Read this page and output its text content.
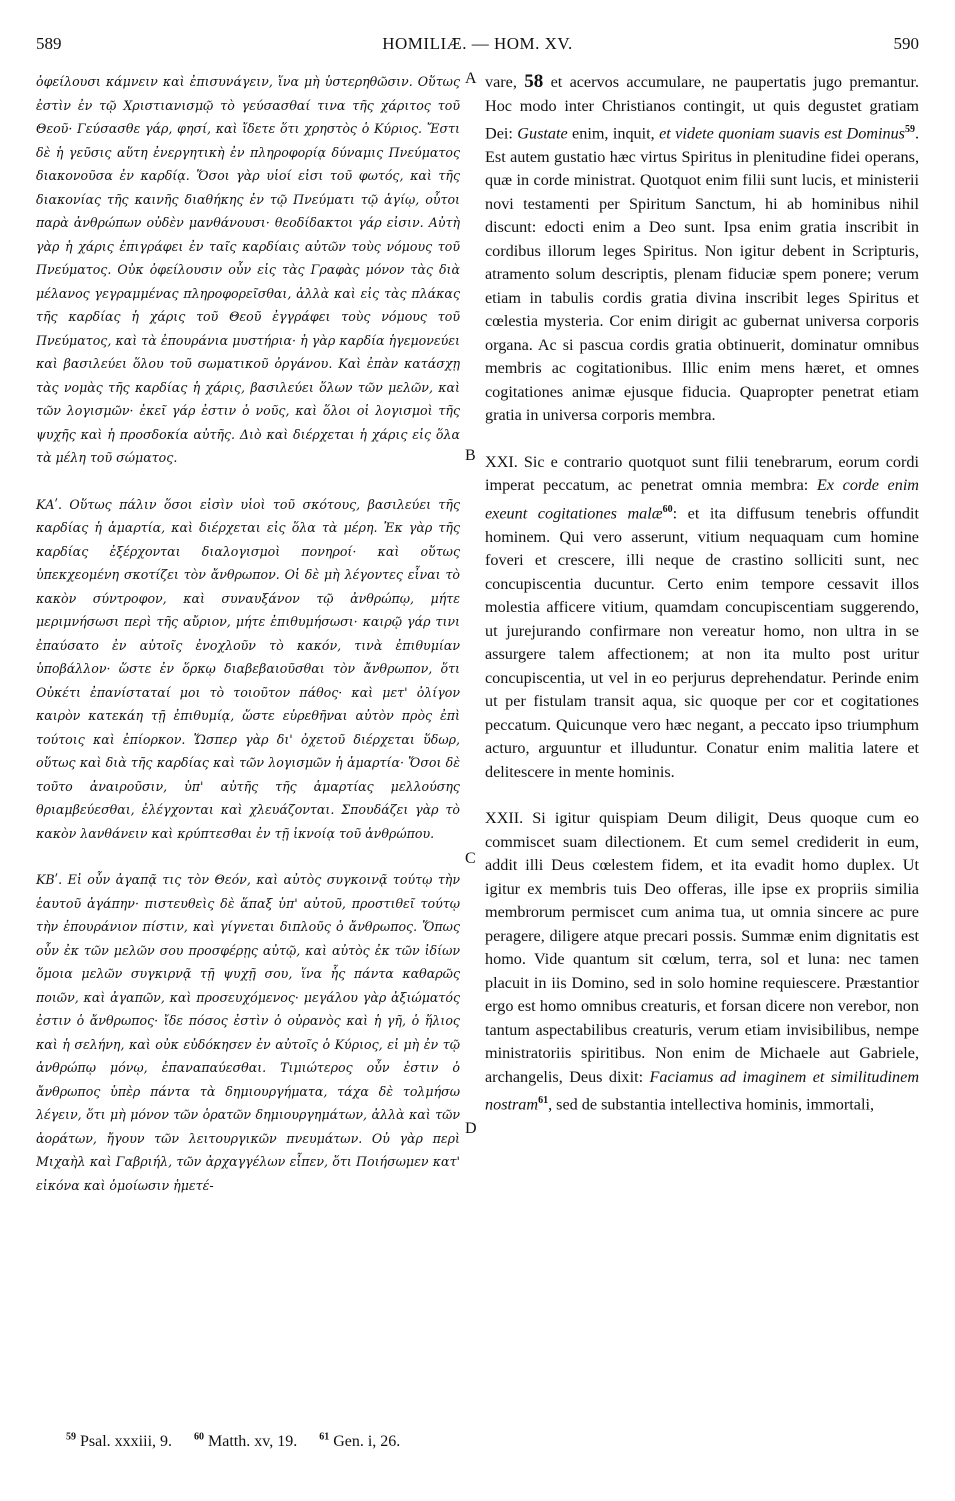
589	HOMILIÆ. — HOM. XV.	590

ὀφείλουσι κάμνειν καὶ ἐπισυνάγειν, ἵνα μὴ ὑστερηθῶσιν. Οὕτως ἐστὶν ἐν τῷ Χριστιανισμῷ τὸ γεύσασθαί τινα τῆς χάριτος τοῦ Θεοῦ· Γεύσασθε γάρ, φησί, καὶ ἴδετε ὅτι χρηστὸς ὁ Κύριος. Ἔστι δὲ ἡ γεῦσις αὕτη ἐνεργητικὴ ἐν πληροφορίᾳ δύναμις Πνεύματος διακονοῦσα ἐν καρδίᾳ. Ὅσοι γὰρ υἱοί εἰσι τοῦ φωτός, καὶ τῆς διακονίας τῆς καινῆς διαθήκης ἐν τῷ Πνεύματι τῷ ἁγίῳ, οὗτοι παρὰ ἀνθρώπων οὐδὲν μανθάνουσι· θεοδίδακτοι γάρ εἰσιν. Αὐτὴ γὰρ ἡ χάρις ἐπιγράφει ἐν ταῖς καρδίαις αὐτῶν τοὺς νόμους τοῦ Πνεύματος. Οὐκ ὀφείλουσιν οὖν εἰς τὰς Γραφὰς μόνον τὰς διὰ μέλανος γεγραμμένας πληροφορεῖσθαι, ἀλλὰ καὶ εἰς τὰς πλάκας τῆς καρδίας ἡ χάρις τοῦ Θεοῦ ἐγγράφει τοὺς νόμους τοῦ Πνεύματος, καὶ τὰ ἐπουράνια μυστήρια· ἡ γὰρ καρδία ἡγεμονεύει καὶ βασιλεύει ὅλου τοῦ σωματικοῦ ὀργάνου. Καὶ ἐπὰν κατάσχῃ τὰς νομὰς τῆς καρδίας ἡ χάρις, βασιλεύει ὅλων τῶν μελῶν, καὶ τῶν λογισμῶν· ἐκεῖ γάρ ἐστιν ὁ νοῦς, καὶ ὅλοι οἱ λογισμοὶ τῆς ψυχῆς καὶ ἡ προσδοκία αὐτῆς. Διὸ καὶ διέρχεται ἡ χάρις εἰς ὅλα τὰ μέλη τοῦ σώματος.

ΚΑʹ. Οὕτως πάλιν ὅσοι εἰσὶν υἱοὶ τοῦ σκότους, βασιλεύει τῆς καρδίας ἡ ἁμαρτία, καὶ διέρχεται εἰς ὅλα τὰ μέρη. Ἐκ γὰρ τῆς καρδίας ἐξέρχονται διαλογισμοὶ πονηροί· καὶ οὕτως ὑπεκχεομένη σκοτίζει τὸν ἄνθρωπον. Οἱ δὲ μὴ λέγοντες εἶναι τὸ κακὸν σύντροφον, καὶ συναυξάνον τῷ ἀνθρώπῳ, μήτε μεριμνήσωσι περὶ τῆς αὔριον, μήτε ἐπιθυμήσωσι· καιρῷ γάρ τινι ἐπαύσατο ἐν αὐτοῖς ἐνοχλοῦν τὸ κακόν, τινὰ ἐπιθυμίαν ὑποβάλλον· ὥστε ἐν ὅρκῳ διαβεβαιοῦσθαι τὸν ἄνθρωπον, ὅτι Οὐκέτι ἐπανίσταταί μοι τὸ τοιοῦτον πάθος· καὶ μετ' ὀλίγον καιρὸν κατεκάη τῇ ἐπιθυμίᾳ, ὥστε εὑρεθῆναι αὐτὸν πρὸς ἐπὶ τούτοις καὶ ἐπίορκον. Ὥσπερ γὰρ δι' ὀχετοῦ διέρχεται ὕδωρ, οὕτως καὶ διὰ τῆς καρδίας καὶ τῶν λογισμῶν ἡ ἁμαρτία· Ὅσοι δὲ τοῦτο ἀναιροῦσιν, ὑπ' αὐτῆς τῆς ἁμαρτίας μελλούσης θριαμβεύεσθαι, ἐλέγχονται καὶ χλευάζονται. Σπουδάζει γὰρ τὸ κακὸν λανθάνειν καὶ κρύπτεσθαι ἐν τῇ ἰκνοίᾳ τοῦ ἀνθρώπου.

ΚΒʹ. Εἰ οὖν ἀγαπᾷ τις τὸν Θεόν, καὶ αὐτὸς συγκοινᾷ τούτῳ τὴν ἑαυτοῦ ἀγάπην· πιστευθεὶς δὲ ἅπαξ ὑπ' αὐτοῦ, προστιθεῖ τούτῳ τὴν ἐπουράνιον πίστιν, καὶ γίγνεται διπλοῦς ὁ ἄνθρωπος. Ὅπως οὖν ἐκ τῶν μελῶν σου προσφέρῃς αὐτῷ, καὶ αὐτὸς ἐκ τῶν ἰδίων ὅμοια μελῶν συγκιρνᾷ τῇ ψυχῇ σου, ἵνα ἧς πάντα καθαρῶς ποιῶν, καὶ ἀγαπῶν, καὶ προσευχόμενος· μεγάλου γὰρ ἀξιώματός ἐστιν ὁ ἄνθρωπος· ἴδε πόσος ἐστὶν ὁ οὐρανὸς καὶ ἡ γῆ, ὁ ἥλιος καὶ ἡ σελήνη, καὶ οὐκ εὐδόκησεν ἐν αὐτοῖς ὁ Κύριος, εἰ μὴ ἐν τῷ ἀνθρώπῳ μόνῳ, ἐπαναπαύεσθαι. Τιμιώτερος οὖν ἐστιν ὁ ἄνθρωπος ὑπὲρ πάντα τὰ δημιουργήματα, τάχα δὲ τολμήσω λέγειν, ὅτι μὴ μόνον τῶν ὁρατῶν δημιουργημάτων, ἀλλὰ καὶ τῶν ἀοράτων, ἤγουν τῶν λειτουργικῶν πνευμάτων. Οὐ γὰρ περὶ Μιχαὴλ καὶ Γαβριήλ, τῶν ἀρχαγγέλων εἶπεν, ὅτι Ποιήσωμεν κατ' εἰκόνα καὶ ὁμοίωσιν ἡμετέ-

A
B
C
D

vare, 58 et acervos accumulare, ne paupertatis jugo premantur. Hoc modo inter Christianos contingit, ut quis degustet gratiam Dei: Gustate enim, inquit, et videte quoniam suavis est Dominus$^{59}$. Est autem gustatio hæc virtus Spiritus in plenitudine fidei operans, quæ in corde ministrat. Quotquot enim filii sunt lucis, et ministerii novi testamenti per Spiritum Sanctum, hi ab hominibus nihil discunt: edocti enim a Deo sunt. Ipsa enim gratia inscribit in cordibus illorum leges Spiritus. Non igitur debent in Scripturis, atramento solum descriptis, plenam fiduciæ spem ponere; verum etiam in tabulis cordis gratia divina inscribit leges Spiritus et cœlestia mysteria. Cor enim dirigit ac gubernat universa corporis organa. Ac si pascua cordis gratia obtinuerit, dominatur omnibus membris ac cogitationibus. Illic enim mens hæret, et omnes cogitationes animæ ejusque fiducia. Quapropter penetrat etiam gratia in universa corporis membra.

XXI. Sic e contrario quotquot sunt filii tenebrarum, eorum cordi imperat peccatum, ac penetrat omnia membra: Ex corde enim exeunt cogitationes malæ$^{60}$: et ita diffusum tenebris offundit hominem. Qui vero asserunt, vitium nequaquam cum homine foveri et crescere, illi neque de crastino solliciti sunt, nec concupiscentia ducuntur. Certo enim tempore cessavit illos molestia afficere vitium, quamdam concupiscentiam suggerendo, ut jurejurando confirmare non vereatur homo, non ultra in se assurgere talem affectionem; at non ita multo post uritur concupiscentia, ut vel in eo perjurus deprehendatur. Perinde enim ut per fistulam transit aqua, sic quoque per cor et cogitationes peccatum. Quicunque vero hæc negant, a peccato ipso triumphum acturo, arguuntur et illuduntur. Conatur enim malitia latere et delitescere in mente hominis.

XXII. Si igitur quispiam Deum diligit, Deus quoque cum eo commiscet suam dilectionem. Et cum semel crediderit in eum, addit illi Deus cœlestem fidem, et ita evadit homo duplex. Ut igitur ex membris tuis Deo offeras, ille ipse ex propriis similia membrorum permiscet cum anima tua, ut omnia sincere ac pure peragere, diligere atque precari possis. Summæ enim dignitatis est homo. Vide quantum sit cœlum, terra, sol et luna: nec tamen placuit in iis Domino, sed in solo homine requiescere. Præstantior ergo est homo omnibus creaturis, et forsan dicere non verebor, non tantum aspectabilibus creaturis, verum etiam invisibilibus, nempe ministratoriis spiritibus. Non enim de Michaele aut Gabriele, archangelis, Deus dixit: Faciamus ad imaginem et similitudinem nostram$^{61}$, sed de substantia intellectiva hominis, immortali,

$^{59}$ Psal. xxxiii, 9. $^{60}$ Matth. xv, 19. $^{61}$ Gen. i, 26.
